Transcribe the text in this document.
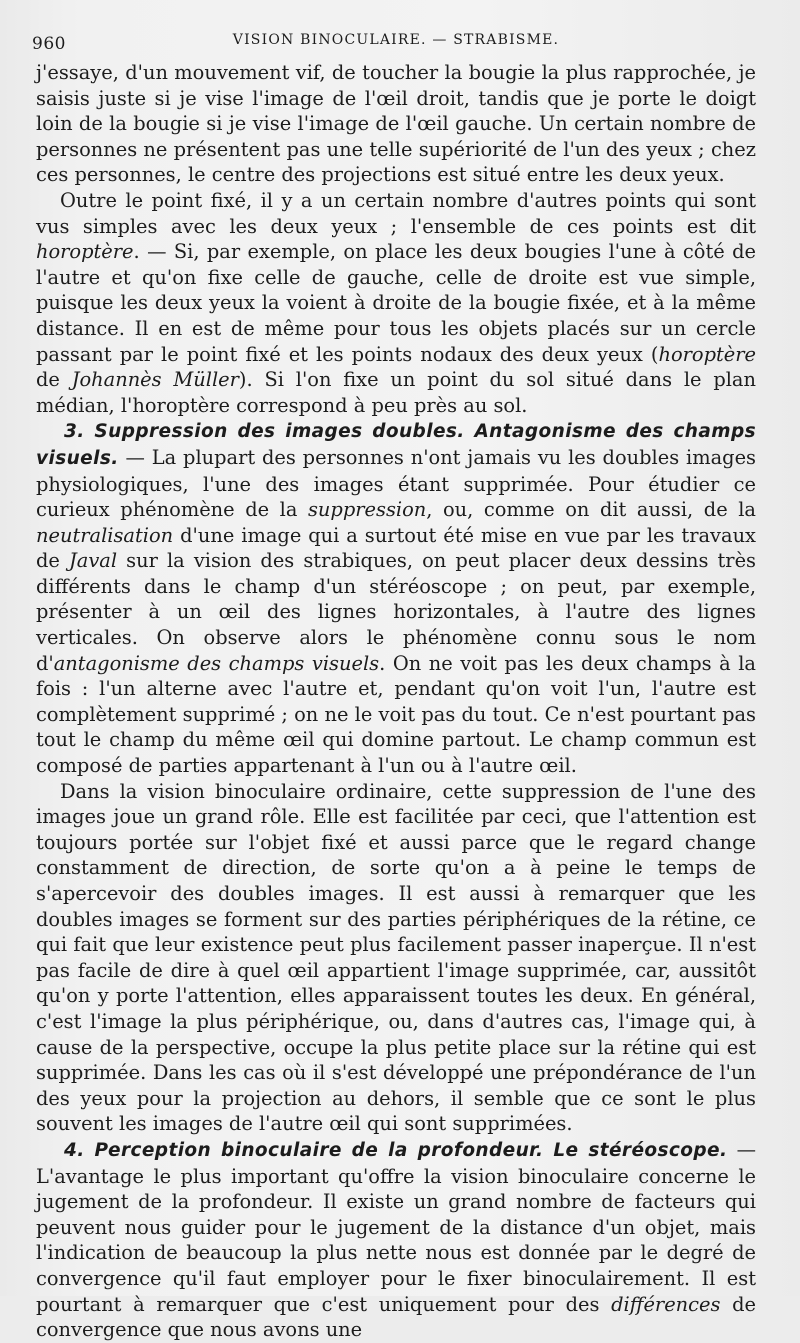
960	VISION BINOCULAIRE. — STRABISME.

j'essaye, d'un mouvement vif, de toucher la bougie la plus rapprochée, je saisis juste si je vise l'image de l'œil droit, tandis que je porte le doigt loin de la bougie si je vise l'image de l'œil gauche. Un certain nombre de personnes ne présentent pas une telle supériorité de l'un des yeux ; chez ces personnes, le centre des projections est situé entre les deux yeux.

Outre le point fixé, il y a un certain nombre d'autres points qui sont vus simples avec les deux yeux ; l'ensemble de ces points est dit horoptère. — Si, par exemple, on place les deux bougies l'une à côté de l'autre et qu'on fixe celle de gauche, celle de droite est vue simple, puisque les deux yeux la voient à droite de la bougie fixée, et à la même distance. Il en est de même pour tous les objets placés sur un cercle passant par le point fixé et les points nodaux des deux yeux (horoptère de Johannès Müller). Si l'on fixe un point du sol situé dans le plan médian, l'horoptère correspond à peu près au sol.

3. Suppression des images doubles. Antagonisme des champs visuels. — La plupart des personnes n'ont jamais vu les doubles images physiologiques, l'une des images étant supprimée. Pour étudier ce curieux phénomène de la suppression, ou, comme on dit aussi, de la neutralisation d'une image qui a surtout été mise en vue par les travaux de Javal sur la vision des strabiques, on peut placer deux dessins très différents dans le champ d'un stéréoscope ; on peut, par exemple, présenter à un œil des lignes horizontales, à l'autre des lignes verticales. On observe alors le phénomène connu sous le nom d'antagonisme des champs visuels. On ne voit pas les deux champs à la fois : l'un alterne avec l'autre et, pendant qu'on voit l'un, l'autre est complètement supprimé ; on ne le voit pas du tout. Ce n'est pourtant pas tout le champ du même œil qui domine partout. Le champ commun est composé de parties appartenant à l'un ou à l'autre œil.

Dans la vision binoculaire ordinaire, cette suppression de l'une des images joue un grand rôle. Elle est facilitée par ceci, que l'attention est toujours portée sur l'objet fixé et aussi parce que le regard change constamment de direction, de sorte qu'on a à peine le temps de s'apercevoir des doubles images. Il est aussi à remarquer que les doubles images se forment sur des parties périphériques de la rétine, ce qui fait que leur existence peut plus facilement passer inaperçue. Il n'est pas facile de dire à quel œil appartient l'image supprimée, car, aussitôt qu'on y porte l'attention, elles apparaissent toutes les deux. En général, c'est l'image la plus périphérique, ou, dans d'autres cas, l'image qui, à cause de la perspective, occupe la plus petite place sur la rétine qui est supprimée. Dans les cas où il s'est développé une prépondérance de l'un des yeux pour la projection au dehors, il semble que ce sont le plus souvent les images de l'autre œil qui sont supprimées.

4. Perception binoculaire de la profondeur. Le stéréoscope. — L'avantage le plus important qu'offre la vision binoculaire concerne le jugement de la profondeur. Il existe un grand nombre de facteurs qui peuvent nous guider pour le jugement de la distance d'un objet, mais l'indication de beaucoup la plus nette nous est donnée par le degré de convergence qu'il faut employer pour le fixer binoculairement. Il est pourtant à remarquer que c'est uniquement pour des différences de convergence que nous avons une
